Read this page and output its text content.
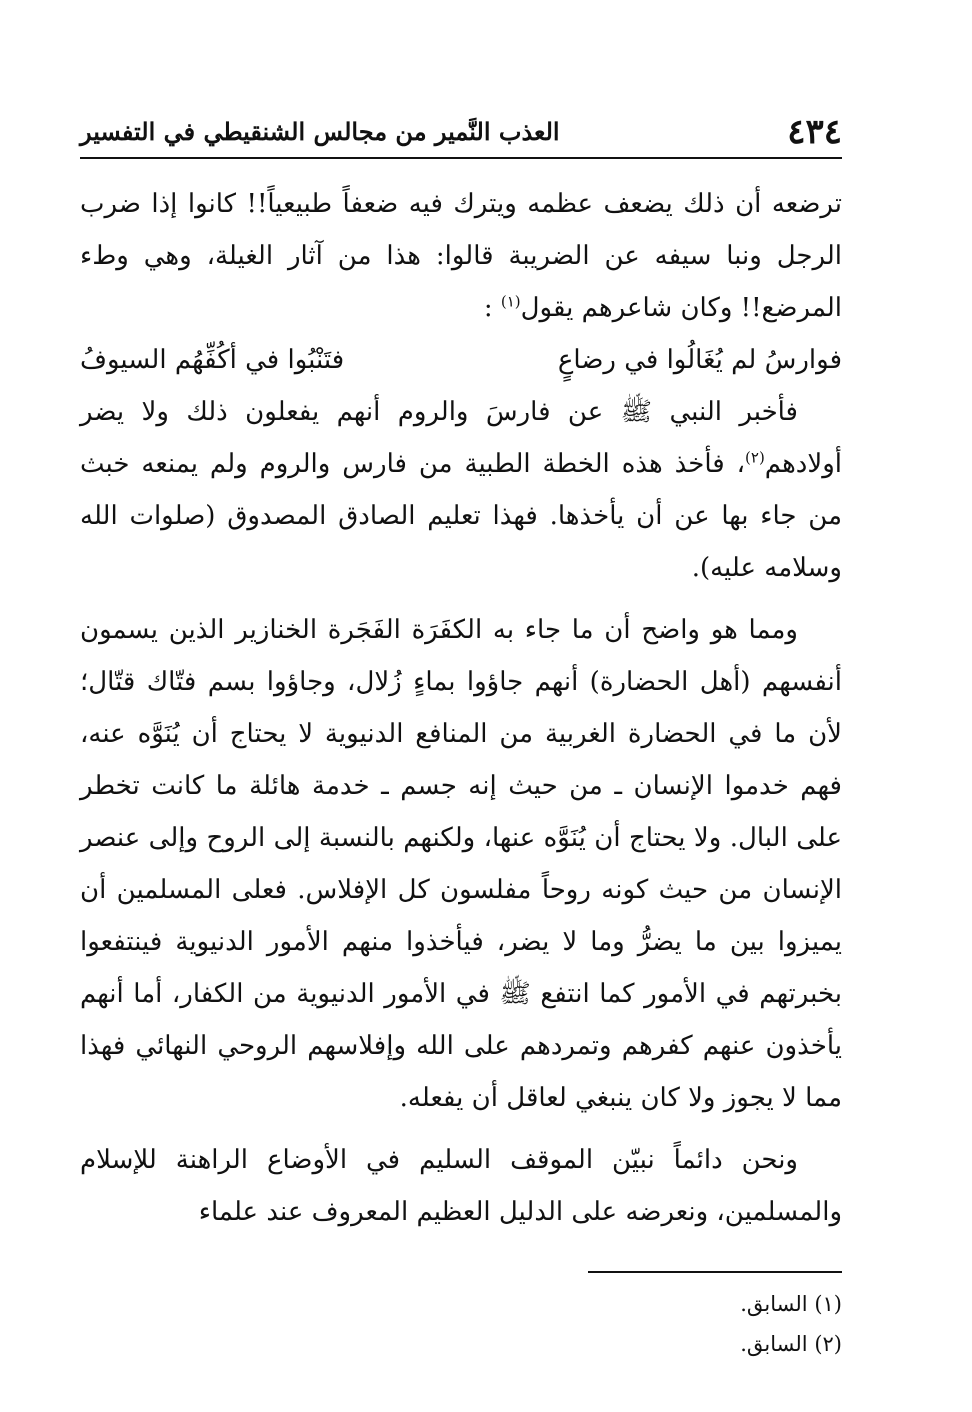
٤٣٤
العذب النَّمير من مجالس الشنقيطي في التفسير

ترضعه أن ذلك يضعف عظمه ويترك فيه ضعفاً طبيعياً!! كانوا إذا ضرب الرجل ونبا سيفه عن الضريبة قالوا: هذا من آثار الغيلة، وهي وطء المرضع!! وكان شاعرهم يقول$^{(١)}$ :

فوارسُ لم يُغَالُوا في رضاعٍ
فتَنْبُوا في أكُفِّهُم السيوفُ

فأخبر النبي ﷺ عن فارسَ والروم أنهم يفعلون ذلك ولا يضر أولادهم$^{(٢)}$، فأخذ هذه الخطة الطبية من فارس والروم ولم يمنعه خبث من جاء بها عن أن يأخذها. فهذا تعليم الصادق المصدوق (صلوات الله وسلامه عليه).

ومما هو واضح أن ما جاء به الكفَرَة الفَجَرة الخنازير الذين يسمون أنفسهم (أهل الحضارة) أنهم جاؤوا بماءٍ زُلال، وجاؤوا بسم فتّاك قتّال؛ لأن ما في الحضارة الغربية من المنافع الدنيوية لا يحتاج أن يُنَوَّه عنه، فهم خدموا الإنسان ـ من حيث إنه جسم ـ خدمة هائلة ما كانت تخطر على البال. ولا يحتاج أن يُنَوَّه عنها، ولكنهم بالنسبة إلى الروح وإلى عنصر الإنسان من حيث كونه روحاً مفلسون كل الإفلاس. فعلى المسلمين أن يميزوا بين ما يضرُّ وما لا يضر، فيأخذوا منهم الأمور الدنيوية فينتفعوا بخبرتهم في الأمور كما انتفع ﷺ في الأمور الدنيوية من الكفار، أما أنهم يأخذون عنهم كفرهم وتمردهم على الله وإفلاسهم الروحي النهائي فهذا مما لا يجوز ولا كان ينبغي لعاقل أن يفعله.

ونحن دائماً نبيّن الموقف السليم في الأوضاع الراهنة للإسلام والمسلمين، ونعرضه على الدليل العظيم المعروف عند علماء

(١) السابق.
(٢) السابق.
